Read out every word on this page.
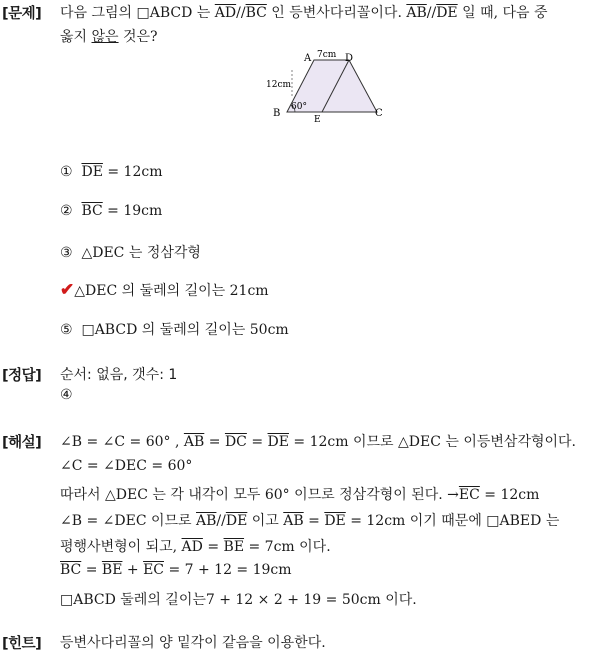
[문제] 다음 그림의 □ABCD 는 $\overline{AD}//\overline{BC}$ 인 등변사다리꼴이다. $\overline{AB}//\overline{DE}$ 일 때, 다음 중
옳지 않은 것은?
A	D
B
E
C
7cm
12cm
60°
① $\overline{DE} = 12cm$
② $\overline{BC} = 19cm$
③ △DEC 는 정삼각형
✔△DEC 의 둘레의 길이는 21cm
⑤ □ABCD 의 둘레의 길이는 50cm
[정답] 순서: 없음, 갯수: 1
④
[해설] ∠B = ∠C = 60° , $\overline{AB} = \overline{DC} = \overline{DE} = 12cm$ 이므로 △DEC 는 이등변삼각형이다.
∠C = ∠DEC = 60°
따라서 △DEC 는 각 내각이 모두 60° 이므로 정삼각형이 된다. $\to\overline{EC} = 12cm$
∠B = ∠DEC 이므로 $\overline{AB}//\overline{DE}$ 이고 $\overline{AB} = \overline{DE} = 12cm$ 이기 때문에 □ABED 는
평행사변형이 되고, $\overline{AD} = \overline{BE} = 7cm$ 이다.
$\overline{BC} = \overline{BE} + \overline{EC} = 7 + 12 = 19cm$
□ABCD 둘레의 길이는7 + 12 × 2 + 19 = 50cm 이다.
[힌트] 등변사다리꼴의 양 밑각이 같음을 이용한다.
